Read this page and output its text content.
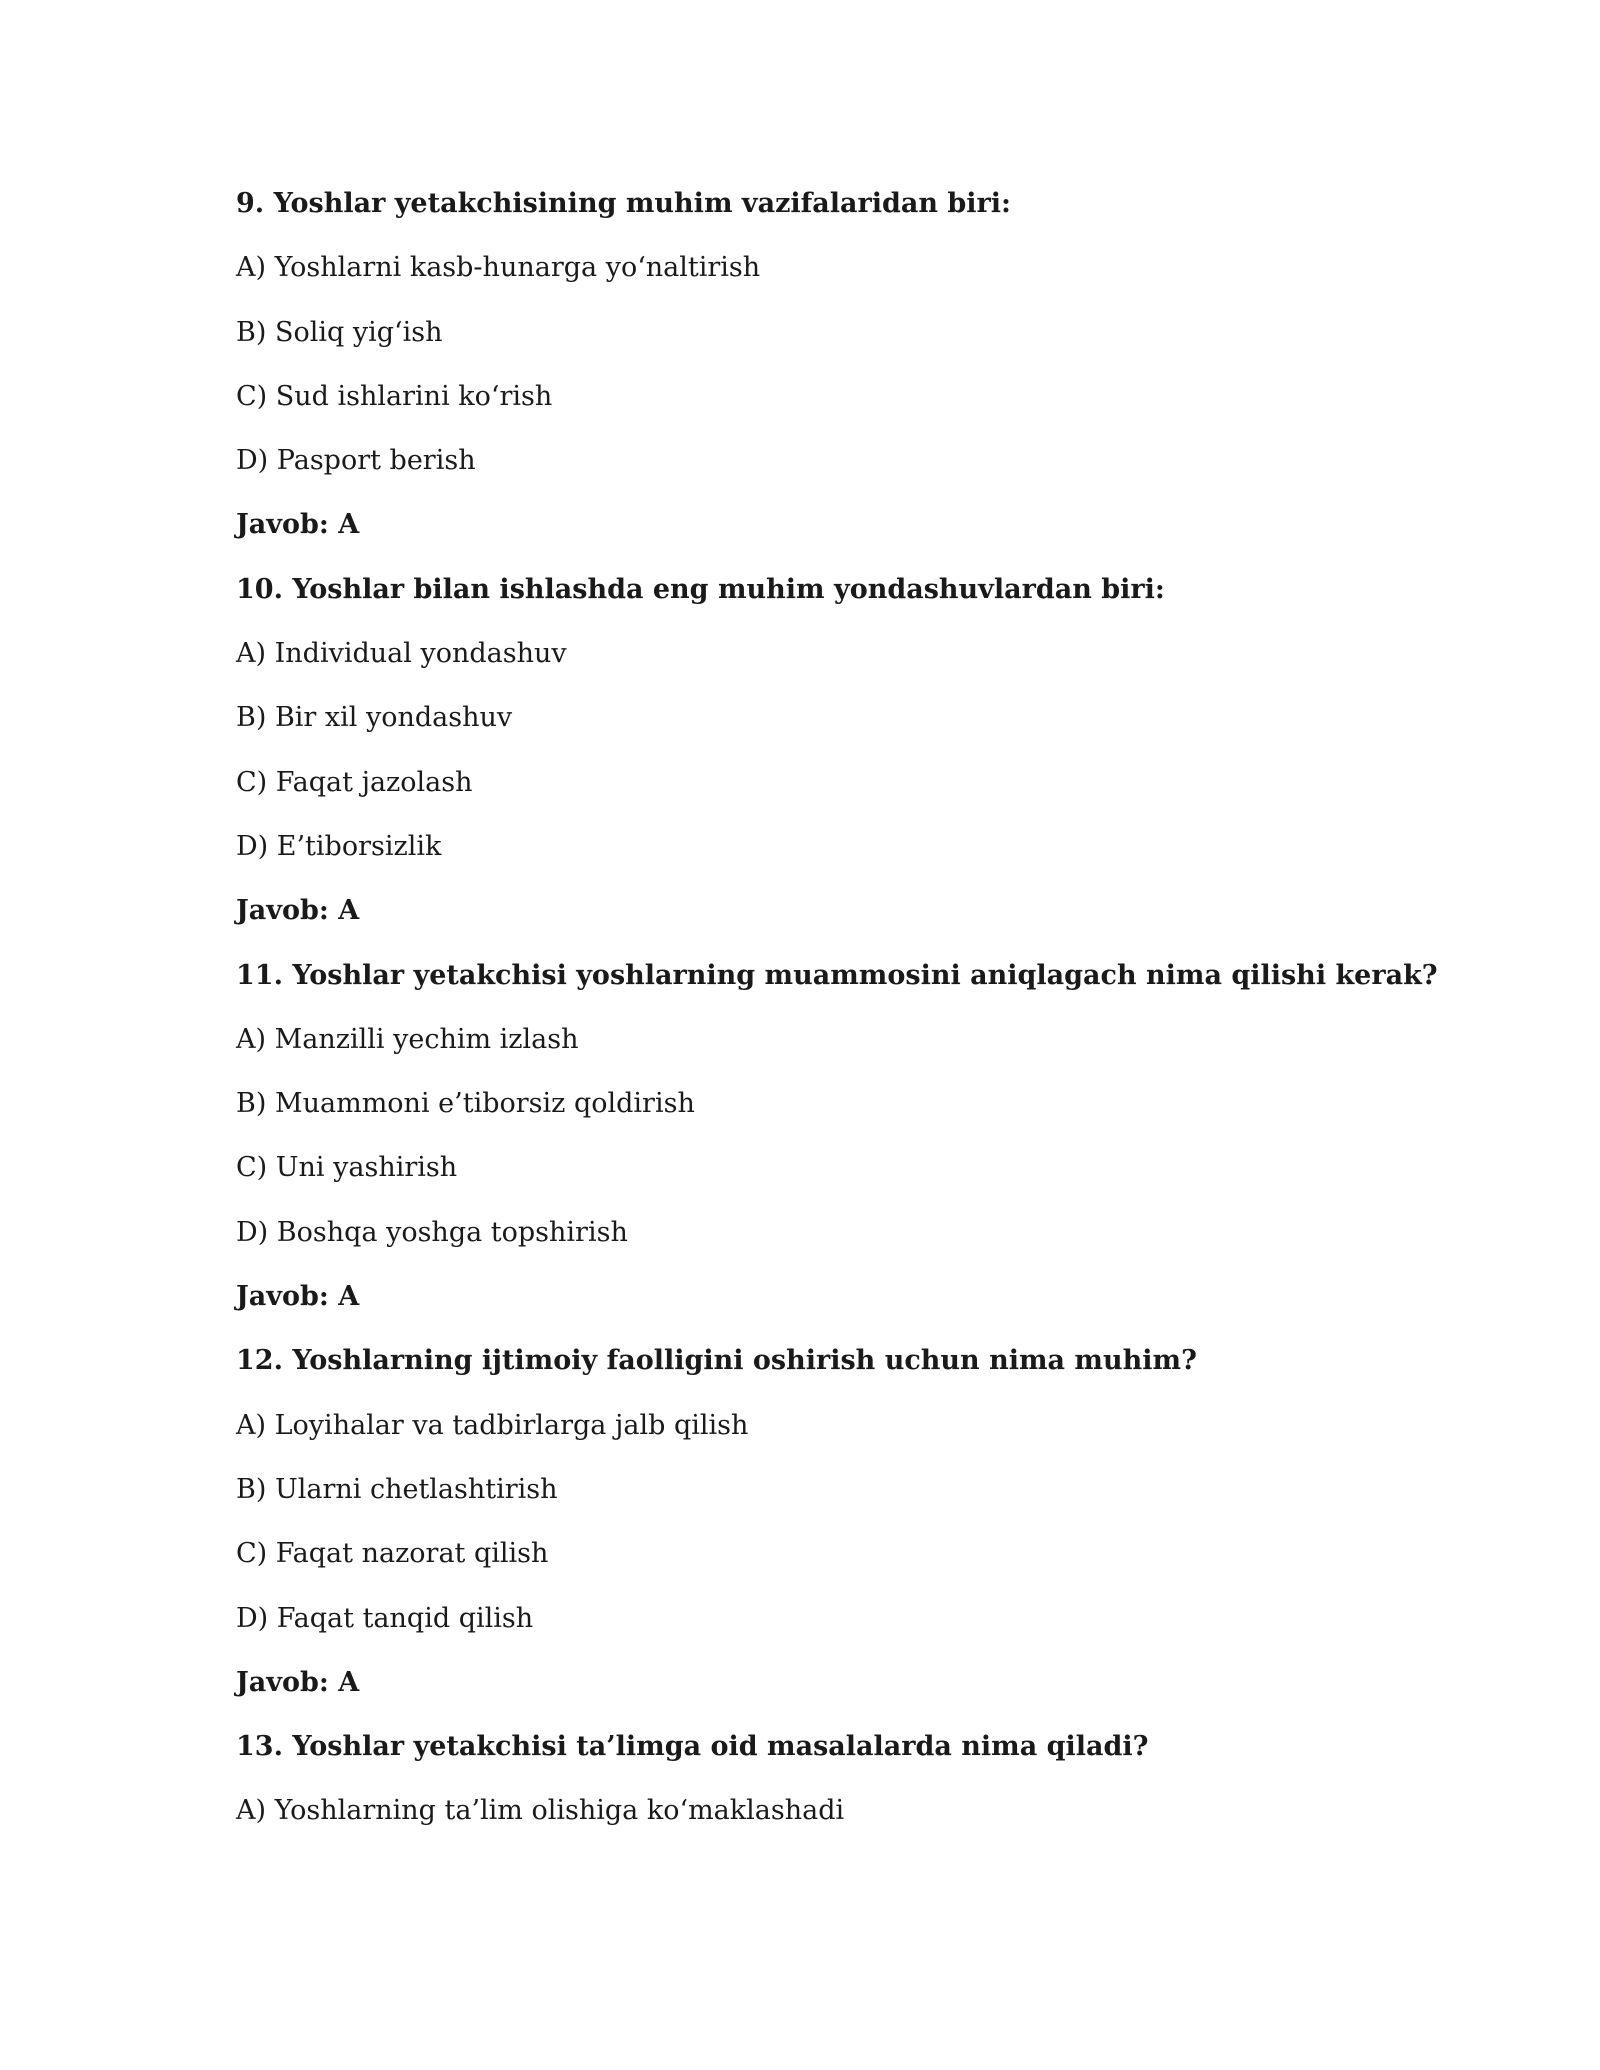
9. Yoshlar yetakchisining muhim vazifalaridan biri:
A) Yoshlarni kasb-hunarga yo‘naltirish
B) Soliq yig‘ish
C) Sud ishlarini ko‘rish
D) Pasport berish
Javob: A
10. Yoshlar bilan ishlashda eng muhim yondashuvlardan biri:
A) Individual yondashuv
B) Bir xil yondashuv
C) Faqat jazolash
D) E’tiborsizlik
Javob: A
11. Yoshlar yetakchisi yoshlarning muammosini aniqlagach nima qilishi kerak?
A) Manzilli yechim izlash
B) Muammoni e’tiborsiz qoldirish
C) Uni yashirish
D) Boshqa yoshga topshirish
Javob: A
12. Yoshlarning ijtimoiy faolligini oshirish uchun nima muhim?
A) Loyihalar va tadbirlarga jalb qilish
B) Ularni chetlashtirish
C) Faqat nazorat qilish
D) Faqat tanqid qilish
Javob: A
13. Yoshlar yetakchisi ta’limga oid masalalarda nima qiladi?
A) Yoshlarning ta’lim olishiga ko‘maklashadi
